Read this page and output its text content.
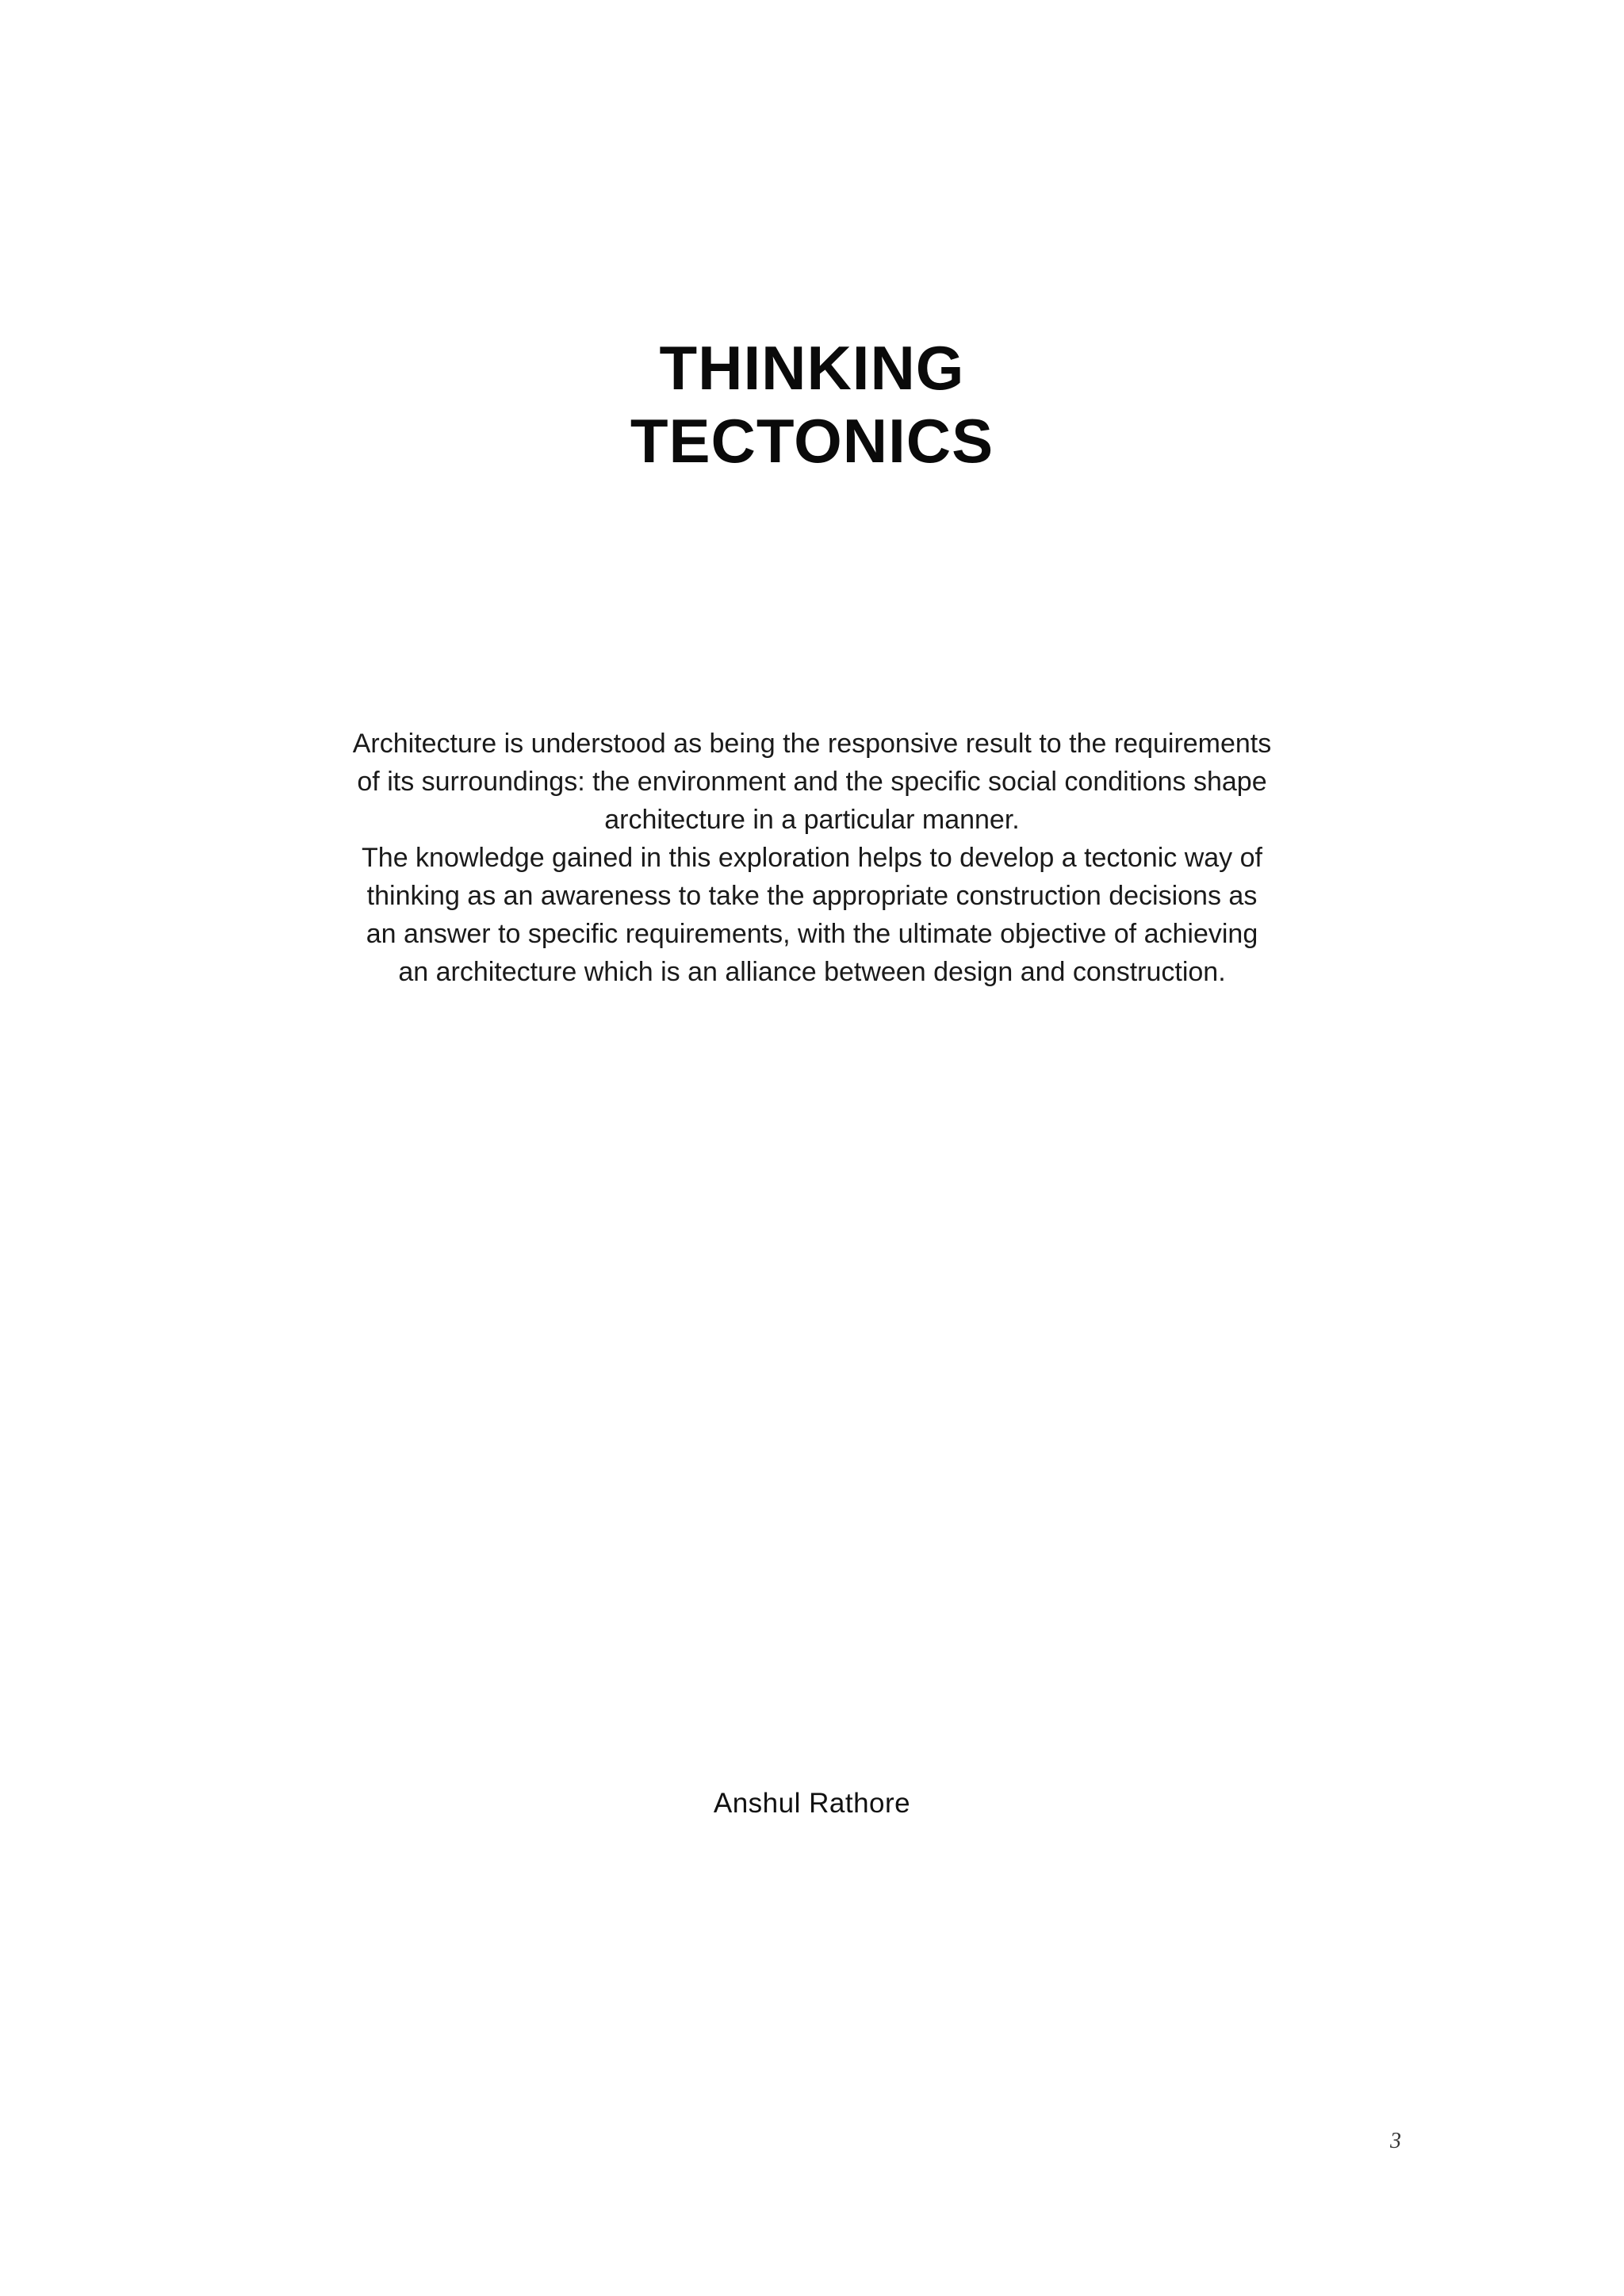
THINKING
TECTONICS

Architecture is understood as being the responsive result to the requirements
of its surroundings: the environment and the specific social conditions shape
architecture in a particular manner.
The knowledge gained in this exploration helps to develop a tectonic way of
thinking as an awareness to take the appropriate construction decisions as
an answer to specific requirements, with the ultimate objective of achieving
an architecture which is an alliance between design and construction.

Anshul Rathore
3
